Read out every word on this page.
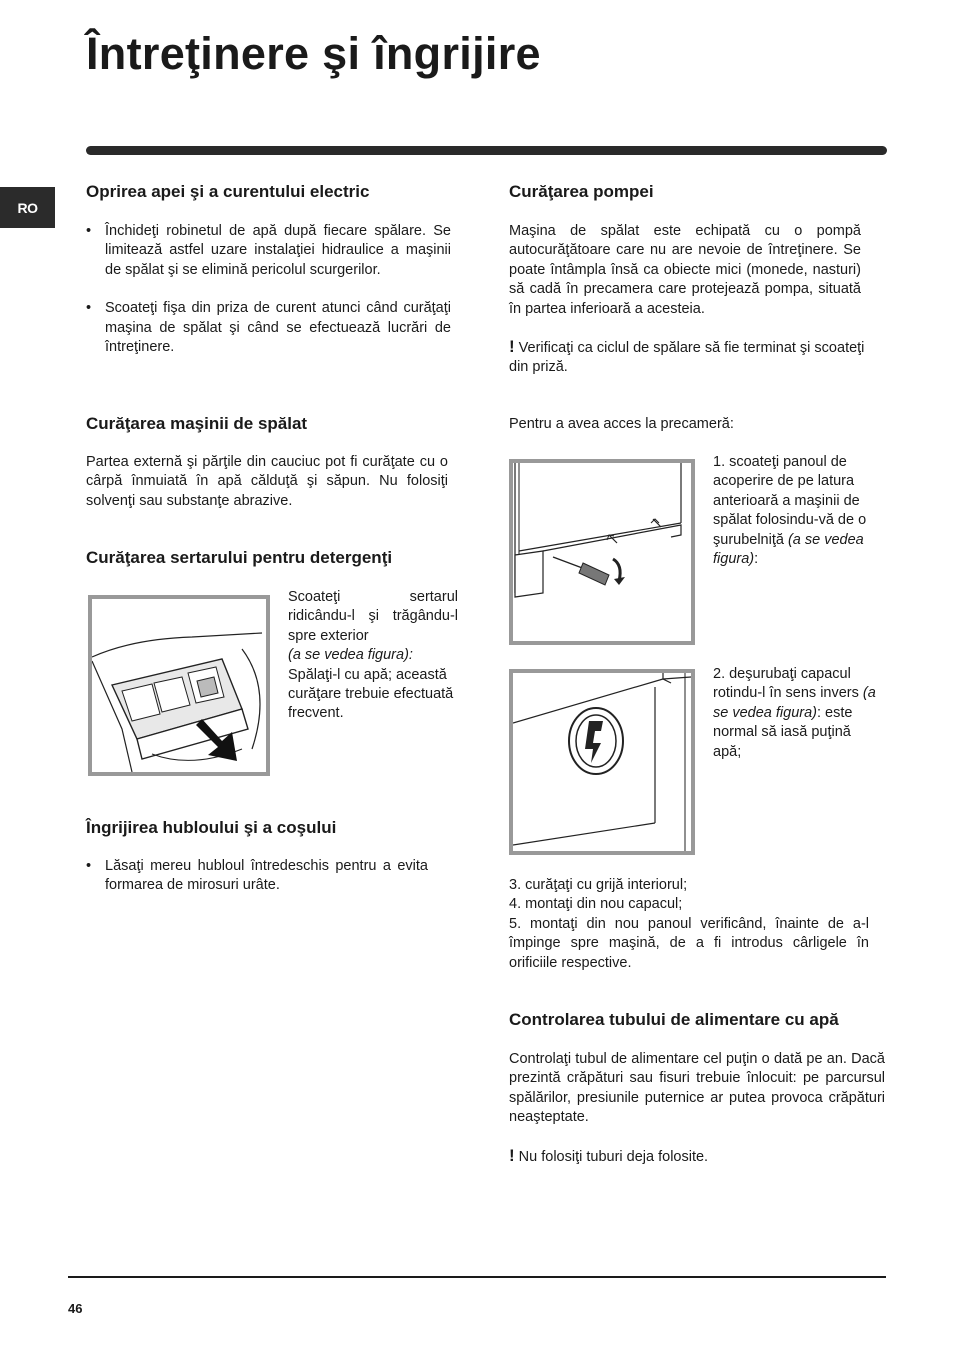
Întreţinere şi îngrijire
RO
Oprirea apei şi a curentului electric
• Închideţi robinetul de apă după fiecare spălare. Se limitează astfel uzare instalaţiei hidraulice a maşinii de spălat şi se elimină pericolul scurgerilor.
• Scoateţi fişa din priza de curent atunci când curăţaţi maşina de spălat şi când se efectuează lucrări de întreţinere.
Curăţarea maşinii de spălat

Partea externă şi părţile din cauciuc pot fi curăţate cu o cârpă înmuiată în apă călduţă şi săpun. Nu folosiţi solvenţi sau substanţe abrazive.

Curăţarea sertarului pentru detergenţi
Scoateţi sertarul ridicându-l şi trăgându-l spre exterior
(a se vedea figura):
Spălaţi-l cu apă; această curăţare trebuie efectuată frecvent.
Îngrijirea hubloului şi a coşului
• Lăsaţi mereu hubloul întredeschis pentru a evita formarea de mirosuri urâte.
Curăţarea pompei

Maşina de spălat este echipată cu o pompă autocurăţătoare care nu are nevoie de întreţinere. Se poate întâmpla însă ca obiecte mici (monede, nasturi) să cadă în precamera care protejează pompa, situată în partea inferioară a acesteia.

! Verificaţi ca ciclul de spălare să fie terminat şi scoateţi din priză.

Pentru a avea acces la precameră:

1. scoateţi panoul de acoperire de pe latura anterioară a maşinii de spălat folosindu-vă de o şurubelniţă (a se vedea figura):

2. deşurubaţi capacul rotindu-l în sens invers (a se vedea figura): este normal să iasă puţină apă;

3. curăţaţi cu grijă interiorul;

4. montaţi din nou capacul;

5. montaţi din nou panoul verificând, înainte de a-l împinge spre maşină, de a fi introdus cârligele în orificiile respective.

Controlarea tubului de alimentare cu apă

Controlaţi tubul de alimentare cel puţin o dată pe an. Dacă prezintă crăpături sau fisuri trebuie înlocuit: pe parcursul spălărilor, presiunile puternice ar putea provoca crăpături neaşteptate.

! Nu folosiţi tuburi deja folosite.

46
